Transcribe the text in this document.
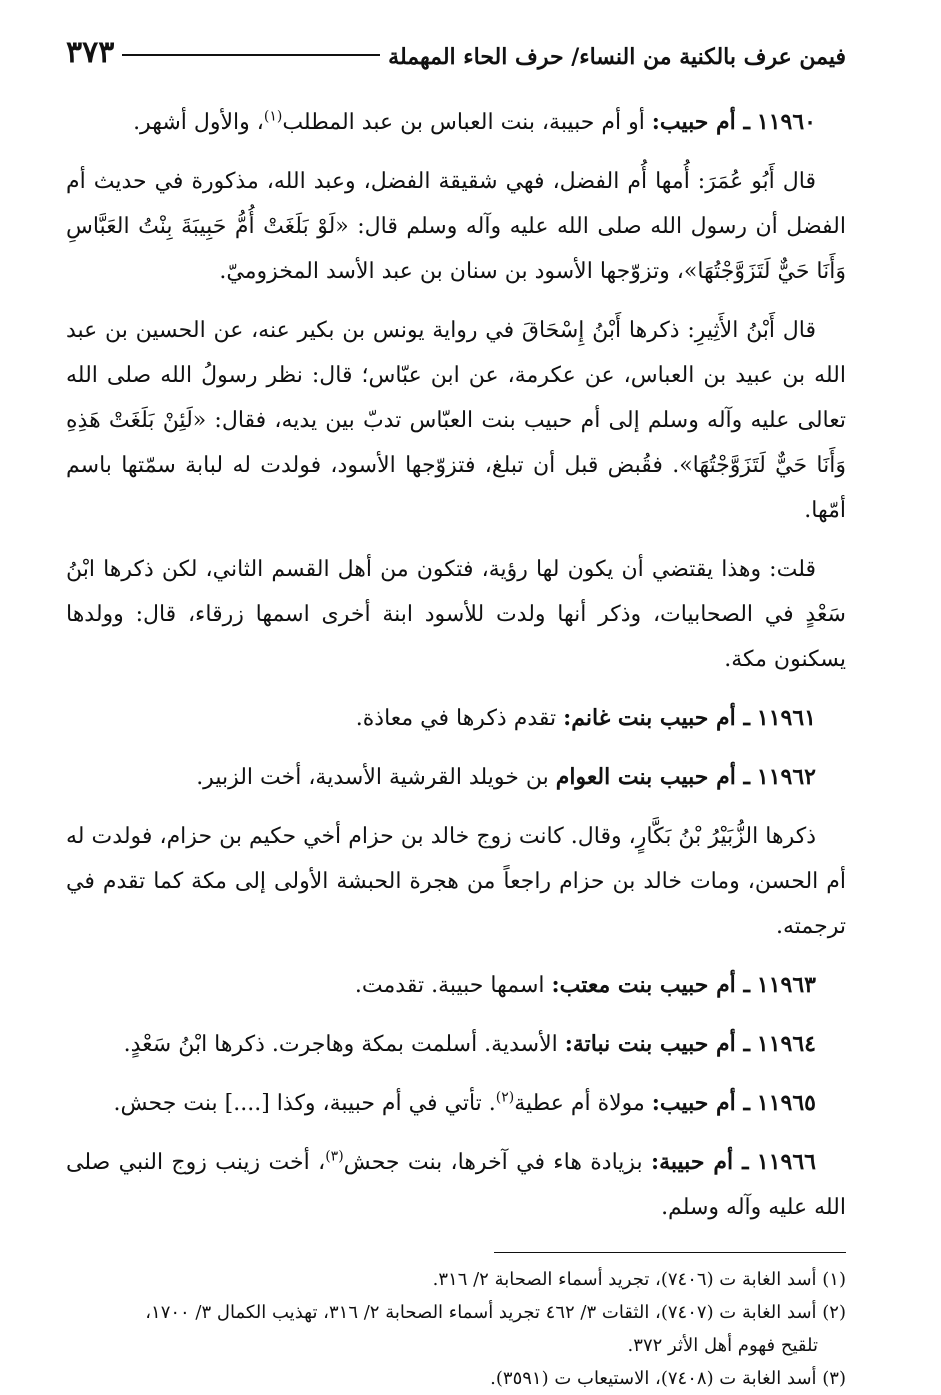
فيمن عرف بالكنية من النساء/ حرف الحاء المهملة
٣٧٣

١١٩٦٠ ـ أم حبيب: أو أم حبيبة، بنت العباس بن عبد المطلب$^{(١)}$، والأول أشهر.

قال أَبُو عُمَرَ: أُمها أُم الفضل، فهي شقيقة الفضل، وعبد الله، مذكورة في حديث أم الفضل أن رسول الله صلى الله عليه وآله وسلم قال: «لَوْ بَلَغَتْ أُمُّ حَبِيبَةَ بِنْتُ العَبَّاسِ وَأَنَا حَيٌّ لَتَزَوَّجْتُهَا»، وتزوّجها الأسود بن سنان بن عبد الأسد المخزوميّ.

قال أَبْنُ الأَثِيرِ: ذكرها أَبْنُ إِسْحَاقَ في رواية يونس بن بكير عنه، عن الحسين بن عبد الله بن عبيد بن العباس، عن عكرمة، عن ابن عبّاس؛ قال: نظر رسولُ الله صلى الله تعالى عليه وآله وسلم إلى أم حبيب بنت العبّاس تدبّ بين يديه، فقال: «لَئِنْ بَلَغَتْ هَذِهِ وَأَنَا حَيٌّ لَتَزَوَّجْتُهَا». فقُبض قبل أن تبلغ، فتزوّجها الأسود، فولدت له لبابة سمّتها باسم أمّها.

قلت: وهذا يقتضي أن يكون لها رؤية، فتكون من أهل القسم الثاني، لكن ذكرها ابْنُ سَعْدٍ في الصحابيات، وذكر أنها ولدت للأسود ابنة أخرى اسمها زرقاء، قال: وولدها يسكنون مكة.

١١٩٦١ ـ أم حبيب بنت غانم: تقدم ذكرها في معاذة.

١١٩٦٢ ـ أم حبيب بنت العوام بن خويلد القرشية الأسدية، أخت الزبير.

ذكرها الزُّبَيْرُ بْنُ بَكَّارٍ، وقال. كانت زوج خالد بن حزام أخي حكيم بن حزام، فولدت له أم الحسن، ومات خالد بن حزام راجعاً من هجرة الحبشة الأولى إلى مكة كما تقدم في ترجمته.

١١٩٦٣ ـ أم حبيب بنت معتب: اسمها حبيبة. تقدمت.

١١٩٦٤ ـ أم حبيب بنت نباتة: الأسدية. أسلمت بمكة وهاجرت. ذكرها ابْنُ سَعْدٍ.

١١٩٦٥ ـ أم حبيب: مولاة أم عطية$^{(٢)}$. تأتي في أم حبيبة، وكذا [....] بنت جحش.

١١٩٦٦ ـ أم حبيبة: بزيادة هاء في آخرها، بنت جحش$^{(٣)}$، أخت زينب زوج النبي صلى الله عليه وآله وسلم.

(١) أسد الغابة ت (٧٤٠٦)، تجريد أسماء الصحابة ٢/ ٣١٦.

(٢) أسد الغابة ت (٧٤٠٧)، الثقات ٣/ ٤٦٢ تجريد أسماء الصحابة ٢/ ٣١٦، تهذيب الكمال ٣/ ١٧٠٠،

تلقيح فهوم أهل الأثر ٣٧٢.

(٣) أسد الغابة ت (٧٤٠٨)، الاستيعاب ت (٣٥٩١).
